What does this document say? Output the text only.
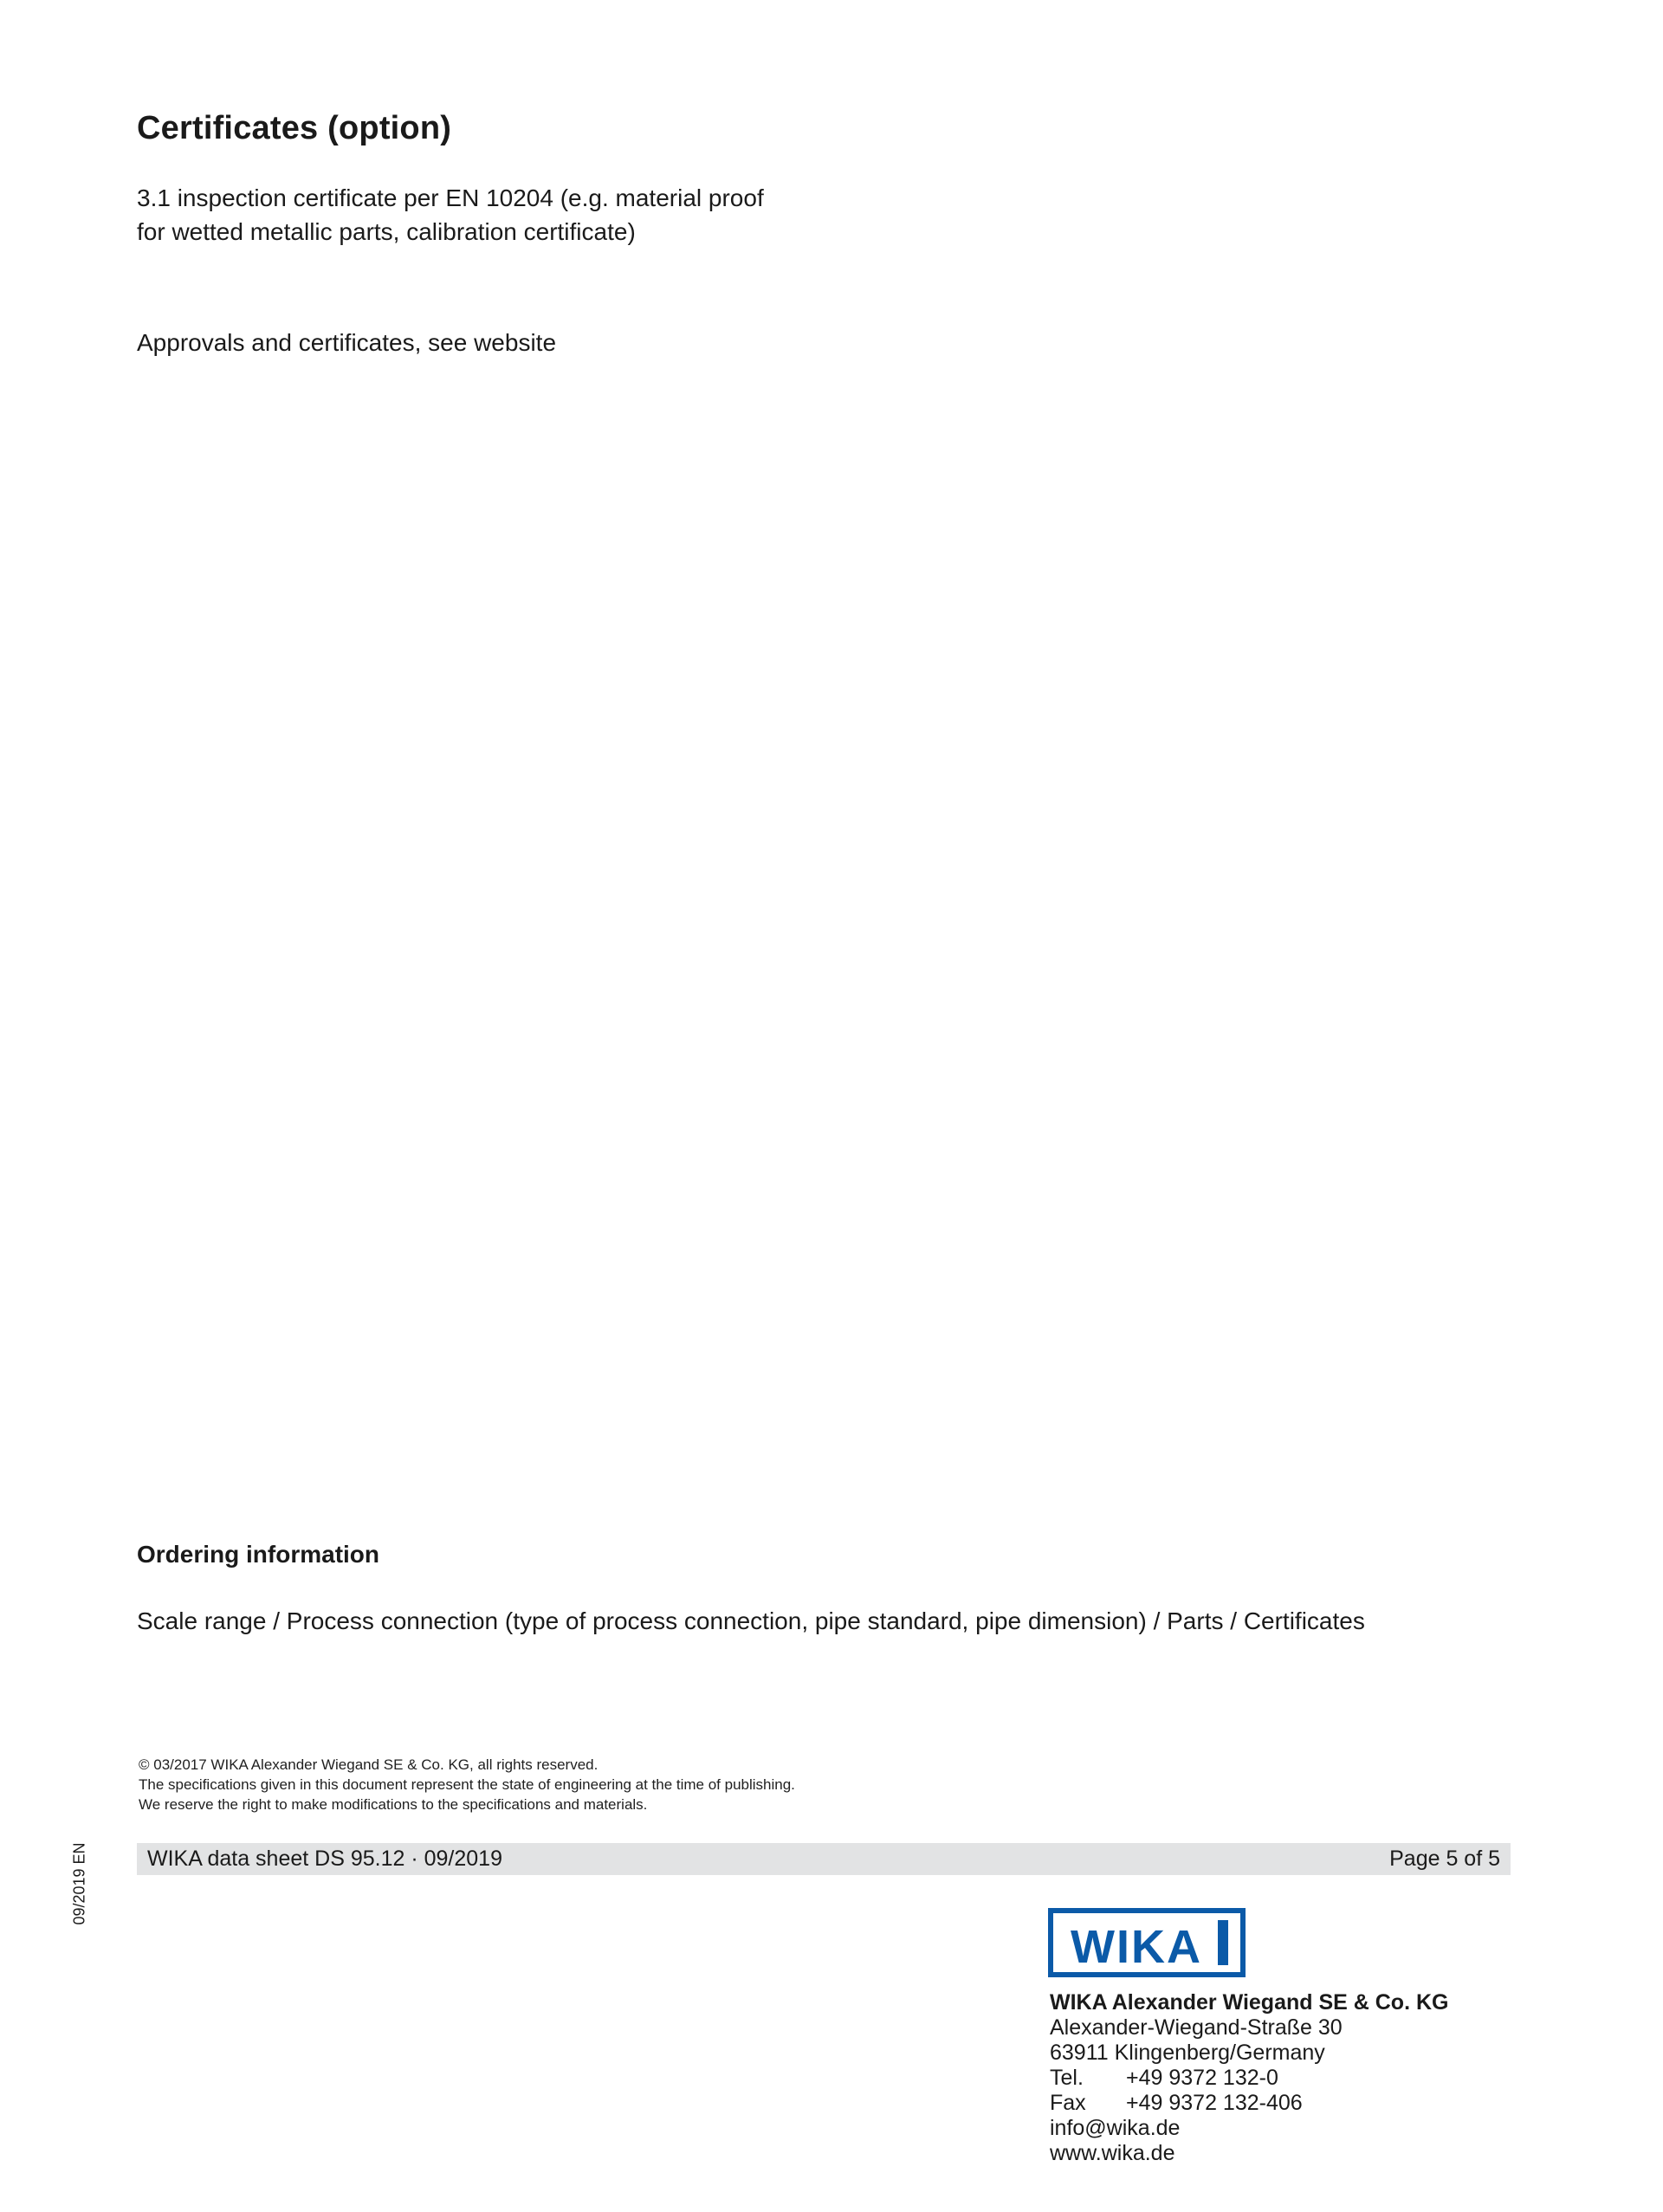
Certificates (option)
3.1 inspection certificate per EN 10204 (e.g. material proof
for wetted metallic parts, calibration certificate)

Approvals and certificates, see website

Ordering information

Scale range / Process connection (type of process connection, pipe standard, pipe dimension) / Parts / Certificates

© 03/2017 WIKA Alexander Wiegand SE & Co. KG, all rights reserved.
The specifications given in this document represent the state of engineering at the time of publishing.
We reserve the right to make modifications to the specifications and materials.
09/2019 EN	WIKA data sheet DS 95.12 · 09/2019	Page 5 of 5
WIKA
WIKA Alexander Wiegand SE & Co. KG
Alexander-Wiegand-Straße 30
63911 Klingenberg/Germany
Tel. +49 9372 132-0
Fax +49 9372 132-406
info@wika.de
www.wika.de
